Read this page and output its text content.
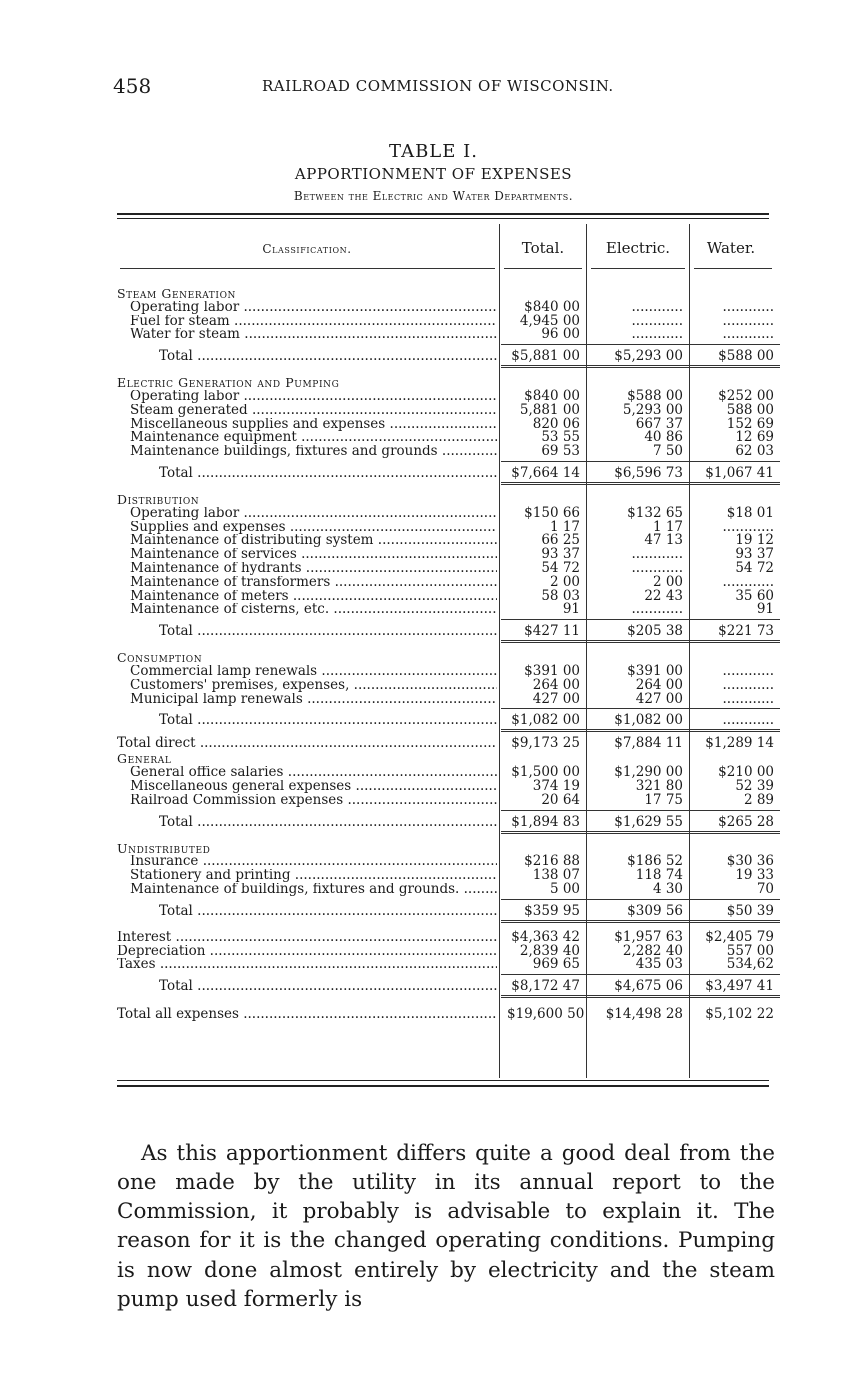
458	RAILROAD COMMISSION OF WISCONSIN.
TABLE I.
APPORTIONMENT OF EXPENSES
Between the Electric and Water Departments.
Classification.	Total.	Electric.	Water.
Steam Generation
Operating labor .....	$840 00	............	............
Fuel for steam .....	4,945 00	............	............
Water for steam .....	96 00	............	............
Total .....	$5,881 00	$5,293 00	$588 00
Electric Generation and Pumping
Operating labor .....	$840 00	$588 00	$252 00
Steam generated .....	5,881 00	5,293 00	588 00
Miscellaneous supplies and expenses .....	820 06	667 37	152 69
Maintenance equipment .....	53 55	40 86	12 69
Maintenance buildings, fixtures and grounds .....	69 53	7 50	62 03
Total .....	$7,664 14	$6,596 73	$1,067 41
Distribution
Operating labor .....	$150 66	$132 65	$18 01
Supplies and expenses .....	1 17	1 17	............
Maintenance of distributing system .....	66 25	47 13	19 12
Maintenance of services .....	93 37	............	93 37
Maintenance of hydrants .....	54 72	............	54 72
Maintenance of transformers .....	2 00	2 00	............
Maintenance of meters .....	58 03	22 43	35 60
Maintenance of cisterns, etc. .....	91	............	91
Total .....	$427 11	$205 38	$221 73
Consumption
Commercial lamp renewals .....	$391 00	$391 00	............
Customers' premises, expenses, .....	264 00	264 00	............
Municipal lamp renewals .....	427 00	427 00	............
Total .....	$1,082 00	$1,082 00	............
Total direct .....	$9,173 25	$7,884 11	$1,289 14
General
General office salaries .....	$1,500 00	$1,290 00	$210 00
Miscellaneous general expenses .....	374 19	321 80	52 39
Railroad Commission expenses .....	20 64	17 75	2 89
Total .....	$1,894 83	$1,629 55	$265 28
Undistributed
Insurance .....	$216 88	$186 52	$30 36
Stationery and printing .....	138 07	118 74	19 33
Maintenance of buildings, fixtures and grounds. .....	5 00	4 30	70
Total .....	$359 95	$309 56	$50 39
Interest .....	$4,363 42	$1,957 63	$2,405 79
Depreciation .....	2,839 40	2,282 40	557 00
Taxes .....	969 65	435 03	534,62
Total .....	$8,172 47	$4,675 06	$3,497 41
Total all expenses .....	$19,600 50	$14,498 28	$5,102 22

As this apportionment differs quite a good deal from the one made by the utility in its annual report to the Commission, it probably is advisable to explain it. The reason for it is the changed operating conditions. Pumping is now done almost entirely by electricity and the steam pump used formerly is
